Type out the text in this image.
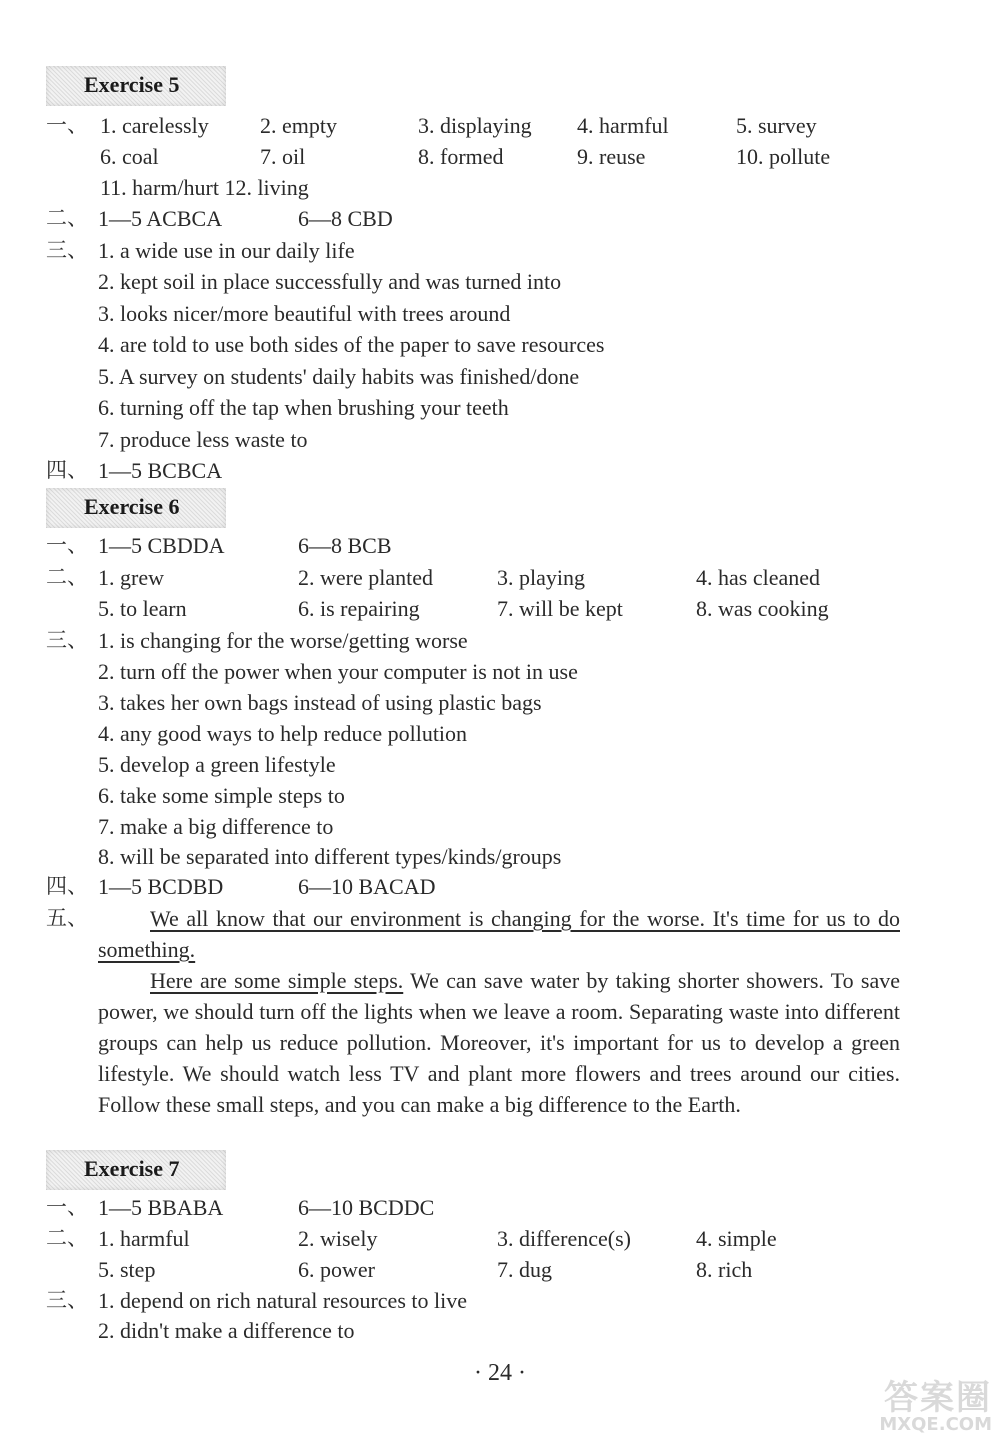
Exercise 5
一、 1. carelessly 2. empty	3. displaying 4. harmful	5. survey
6. coal	7. oil	8. formed	9. reuse	10. pollute
11. harm/hurt 12. living
二、 1—5 ACBCA	6—8 CBD
三、 1. a wide use in our daily life
2. kept soil in place successfully and was turned into
3. looks nicer/more beautiful with trees around
4. are told to use both sides of the paper to save resources
5. A survey on students' daily habits was finished/done
6. turning off the tap when brushing your teeth
7. produce less waste to
四、 1—5 BCBCA
Exercise 6
一、 1—5 CBDDA	6—8 BCB
二、 1. grew	2. were planted	3. playing	4. has cleaned
5. to learn	6. is repairing	7. will be kept	8. was cooking
三、 1. is changing for the worse/getting worse
2. turn off the power when your computer is not in use
3. takes her own bags instead of using plastic bags
4. any good ways to help reduce pollution
5. develop a green lifestyle
6. take some simple steps to
7. make a big difference to
8. will be separated into different types/kinds/groups
四、 1—5 BCDBD	6—10 BACAD
五、	We all know that our environment is changing for the worse. It's time for us to do something.

Here are some simple steps. We can save water by taking shorter showers. To save power, we should turn off the lights when we leave a room. Separating waste into different groups can help us reduce pollution. Moreover, it's important for us to develop a green lifestyle. We should watch less TV and plant more flowers and trees around our cities. Follow these small steps, and you can make a big difference to the Earth.

Exercise 7
一、 1—5 BBABA	6—10 BCDDC
二、 1. harmful	2. wisely	3. difference(s)	4. simple
5. step	6. power	7. dug	8. rich
三、 1. depend on rich natural resources to live
2. didn't make a difference to
· 24 ·
答案圈
MXQE.COM
